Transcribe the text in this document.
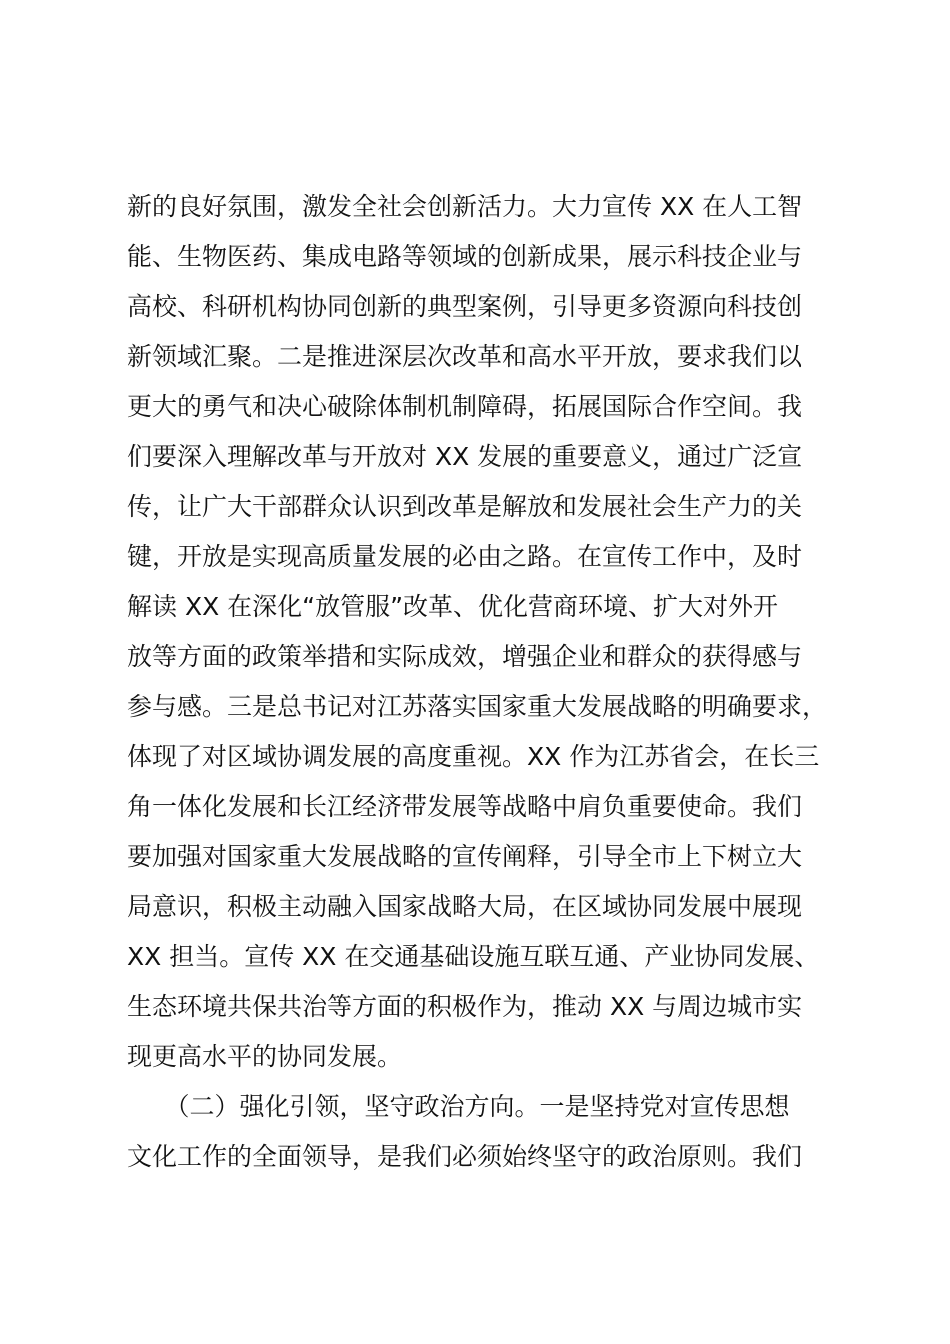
新的良好氛围，激发全社会创新活力。大力宣传 XX 在人工智
能、生物医药、集成电路等领域的创新成果，展示科技企业与
高校、科研机构协同创新的典型案例，引导更多资源向科技创
新领域汇聚。二是推进深层次改革和高水平开放，要求我们以
更大的勇气和决心破除体制机制障碍，拓展国际合作空间。我
们要深入理解改革与开放对 XX 发展的重要意义，通过广泛宣
传，让广大干部群众认识到改革是解放和发展社会生产力的关
键，开放是实现高质量发展的必由之路。在宣传工作中，及时
解读 XX 在深化“放管服”改革、优化营商环境、扩大对外开
放等方面的政策举措和实际成效，增强企业和群众的获得感与
参与感。三是总书记对江苏落实国家重大发展战略的明确要求，
体现了对区域协调发展的高度重视。XX 作为江苏省会，在长三
角一体化发展和长江经济带发展等战略中肩负重要使命。我们
要加强对国家重大发展战略的宣传阐释，引导全市上下树立大
局意识，积极主动融入国家战略大局，在区域协同发展中展现
XX 担当。宣传 XX 在交通基础设施互联互通、产业协同发展、
生态环境共保共治等方面的积极作为，推动 XX 与周边城市实
现更高水平的协同发展。
　　（二）强化引领，坚守政治方向。一是坚持党对宣传思想
文化工作的全面领导，是我们必须始终坚守的政治原则。我们
